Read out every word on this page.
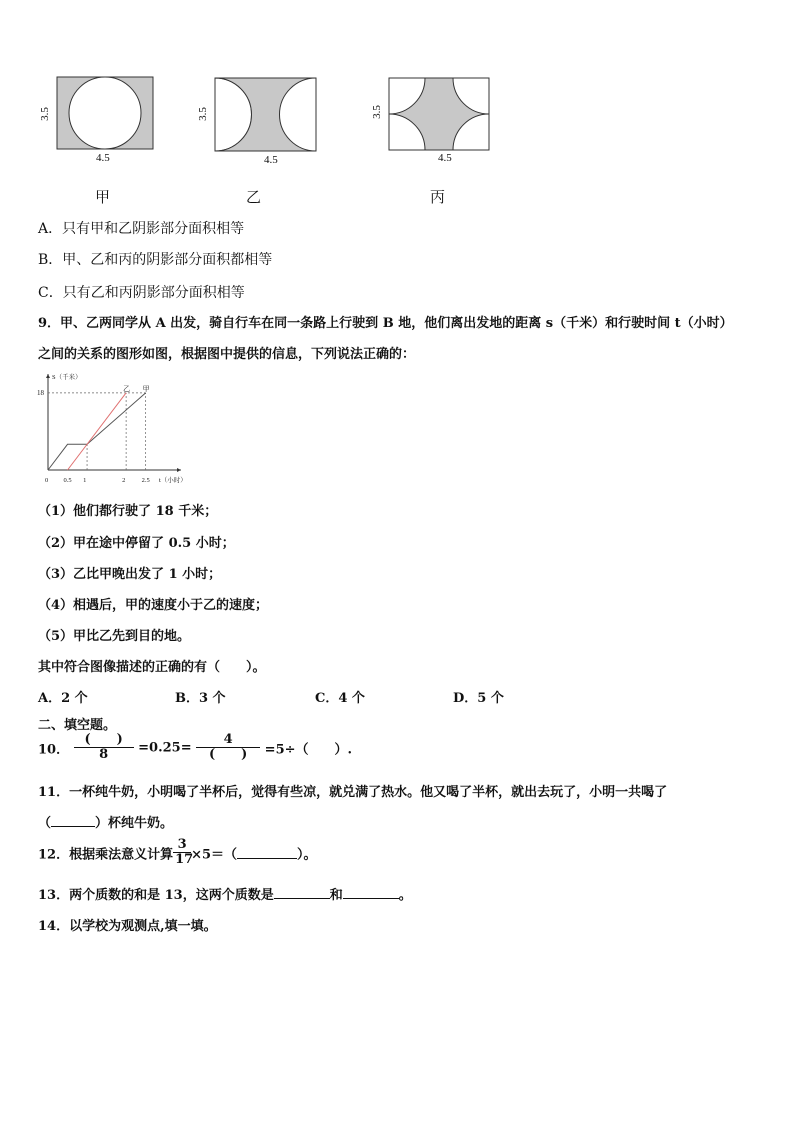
3.5
4.5
3.5
4.5
3.5
4.5
甲	乙	丙
A．只有甲和乙阴影部分面积相等
B．甲、乙和丙的阴影部分面积都相等
C．只有乙和丙阴影部分面积相等
9．甲、乙两同学从 A 出发，骑自行车在同一条路上行驶到 B 地，他们离出发地的距离 s（千米）和行驶时间 t（小时）
之间的关系的图形如图，根据图中提供的信息，下列说法正确的：
S（千米）
t（小时）
18
0 0.5 1	2	2.5
乙 甲
（1）他们都行驶了 18 千米；
（2）甲在途中停留了 0.5 小时；
（3）乙比甲晚出发了 1 小时；
（4）相遇后，甲的速度小于乙的速度；
（5）甲比乙先到目的地。
其中符合图像描述的正确的有（　　）。
A．2 个	B．3 个	C．4 个	D．5 个
二、填空题。
10． $\frac{( )}{8} =0.25= \frac{4}{( )} =5\div$（　　）.
11．一杯纯牛奶，小明喝了半杯后，觉得有些凉，就兑满了热水。他又喝了半杯，就出去玩了，小明一共喝了
（	）杯纯牛奶。
12．根据乘法意义计算 $\frac{3}{17} \times 5=$（	）。
13．两个质数的和是 13，这两个质数是	和	。
14．以学校为观测点,填一填。
